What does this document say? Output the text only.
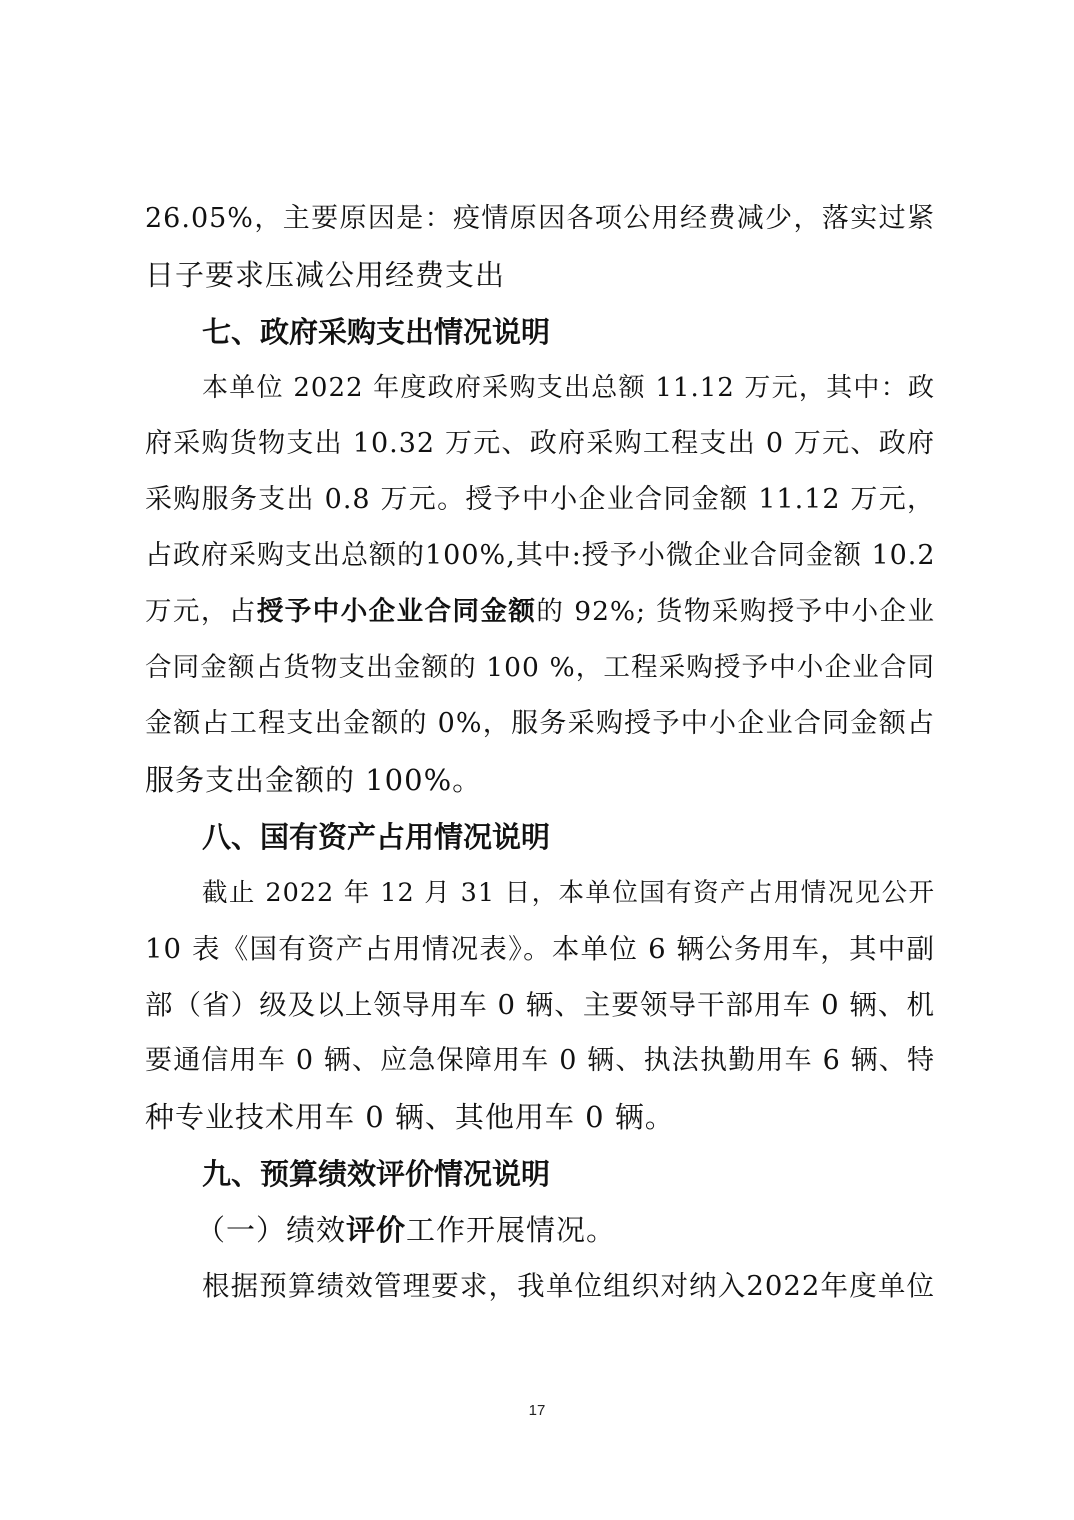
26.05%，主要原因是：疫情原因各项公用经费减少，落实过紧
日子要求压减公用经费支出
七、政府采购支出情况说明
本单位 2022 年度政府采购支出总额 11.12 万元，其中：政
府采购货物支出 10.32 万元、政府采购工程支出 0 万元、政府
采购服务支出 0.8 万元。授予中小企业合同金额 11.12 万元，
占政府采购支出总额的100%,其中:授予小微企业合同金额 10.2
万元，占授予中小企业合同金额的 92%; 货物采购授予中小企业
合同金额占货物支出金额的 100 %，工程采购授予中小企业合同
金额占工程支出金额的 0%，服务采购授予中小企业合同金额占
服务支出金额的 100%。
八、国有资产占用情况说明
截止 2022 年 12 月 31 日，本单位国有资产占用情况见公开
10 表《国有资产占用情况表》。本单位 6 辆公务用车，其中副
部（省）级及以上领导用车 0 辆、主要领导干部用车 0 辆、机
要通信用车 0 辆、应急保障用车 0 辆、执法执勤用车 6 辆、特
种专业技术用车 0 辆、其他用车 0 辆。
九、预算绩效评价情况说明
（一）绩效评价工作开展情况。
根据预算绩效管理要求，我单位组织对纳入2022年度单位
17
